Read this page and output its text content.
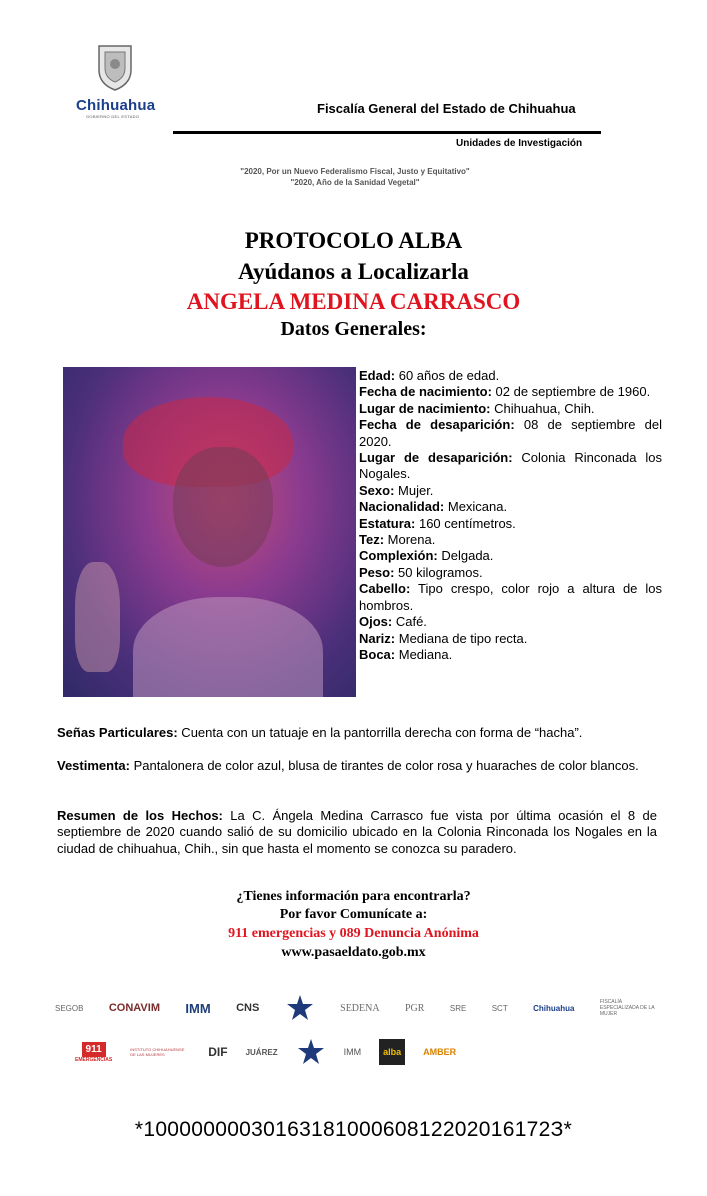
Chihuahua
GOBIERNO DEL ESTADO
Fiscalía General del Estado de Chihuahua
Unidades de Investigación
"2020, Por un Nuevo Federalismo Fiscal, Justo y Equitativo"
"2020, Año de la Sanidad Vegetal"
PROTOCOLO ALBA
Ayúdanos a Localizarla
ANGELA MEDINA CARRASCO
Datos Generales:

Edad: 60 años de edad.

Fecha de nacimiento: 02 de septiembre de 1960.

Lugar de nacimiento: Chihuahua, Chih.

Fecha de desaparición: 08 de septiembre del 2020.

Lugar de desaparición: Colonia Rinconada los Nogales.

Sexo: Mujer.

Nacionalidad: Mexicana.

Estatura: 160 centímetros.

Tez: Morena.

Complexión: Delgada.

Peso: 50 kilogramos.

Cabello: Tipo crespo, color rojo a altura de los hombros.

Ojos: Café.

Nariz: Mediana de tipo recta.

Boca: Mediana.

Señas Particulares: Cuenta con un tatuaje en la pantorrilla derecha con forma de “hacha”.
Vestimenta: Pantalonera de color azul, blusa de tirantes de color rosa y huaraches de color blancos.
Resumen de los Hechos: La C. Ángela Medina Carrasco fue vista por última ocasión el 8 de septiembre de 2020 cuando salió de su domicilio ubicado en la Colonia Rinconada los Nogales en la ciudad de chihuahua, Chih., sin que hasta el momento se conozca su paradero.
¿Tienes información para encontrarla?
Por favor Comunícate a:
911 emergencias y 089 Denuncia Anónima
www.pasaeldato.gob.mx
SEGOB CONAVIM IMM CNS	SEDENA	PGR	SRE	SCT	Chihuahua
FISCALÍA ESPECIALIZADA DE LA MUJER
911
EMERGENCIAS
INSTITUTO CHIHUAHUENSE DE LAS MUJERES	DIF JUÁREZ	IMM	alba	AMBER
*1000000003016318100060812202016172З*
